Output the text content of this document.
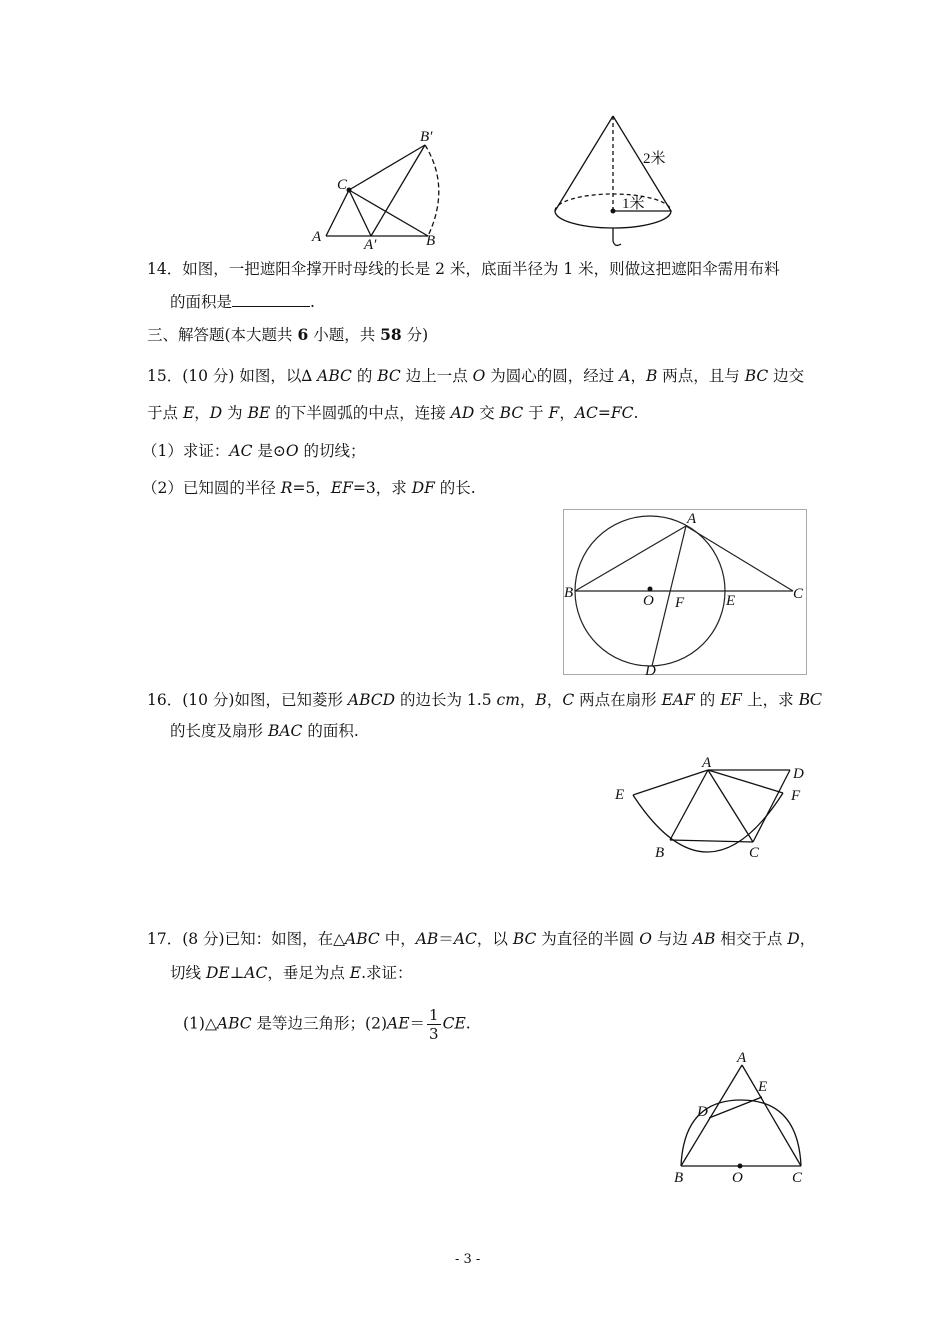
B′
C
A	A′	B
2米
1米
14．如图，一把遮阳伞撑开时母线的长是 2 米，底面半径为 1 米，则做这把遮阳伞需用布料
的面积是	.
三、解答题(本大题共 6 小题，共 58 分)
15．(10 分) 如图，以∆ ABC 的 BC 边上一点 O 为圆心的圆，经过 A，B 两点，且与 BC 边交
于点 E，D 为 BE 的下半圆弧的中点，连接 AD 交 BC 于 F，AC=FC.
（1）求证：AC 是⊙O 的切线；
（2）已知圆的半径 R=5，EF=3，求 DF 的长.
A
B	O F	E	C
D
16．(10 分)如图，已知菱形 ABCD 的边长为 1.5 cm，B，C 两点在扇形 EAF 的 EF 上，求 BC
的长度及扇形 BAC 的面积.
A
D
E	F
B	C
17．(8 分)已知：如图，在△ABC 中，AB＝AC，以 BC 为直径的半圆 O 与边 AB 相交于点 D，
切线 DE⊥AC，垂足为点 E.求证：
(1)△ABC 是等边三角形；$(2)AE= \frac{1}{3}$ CE.
A
E
D
B	O	C
- 3 -
